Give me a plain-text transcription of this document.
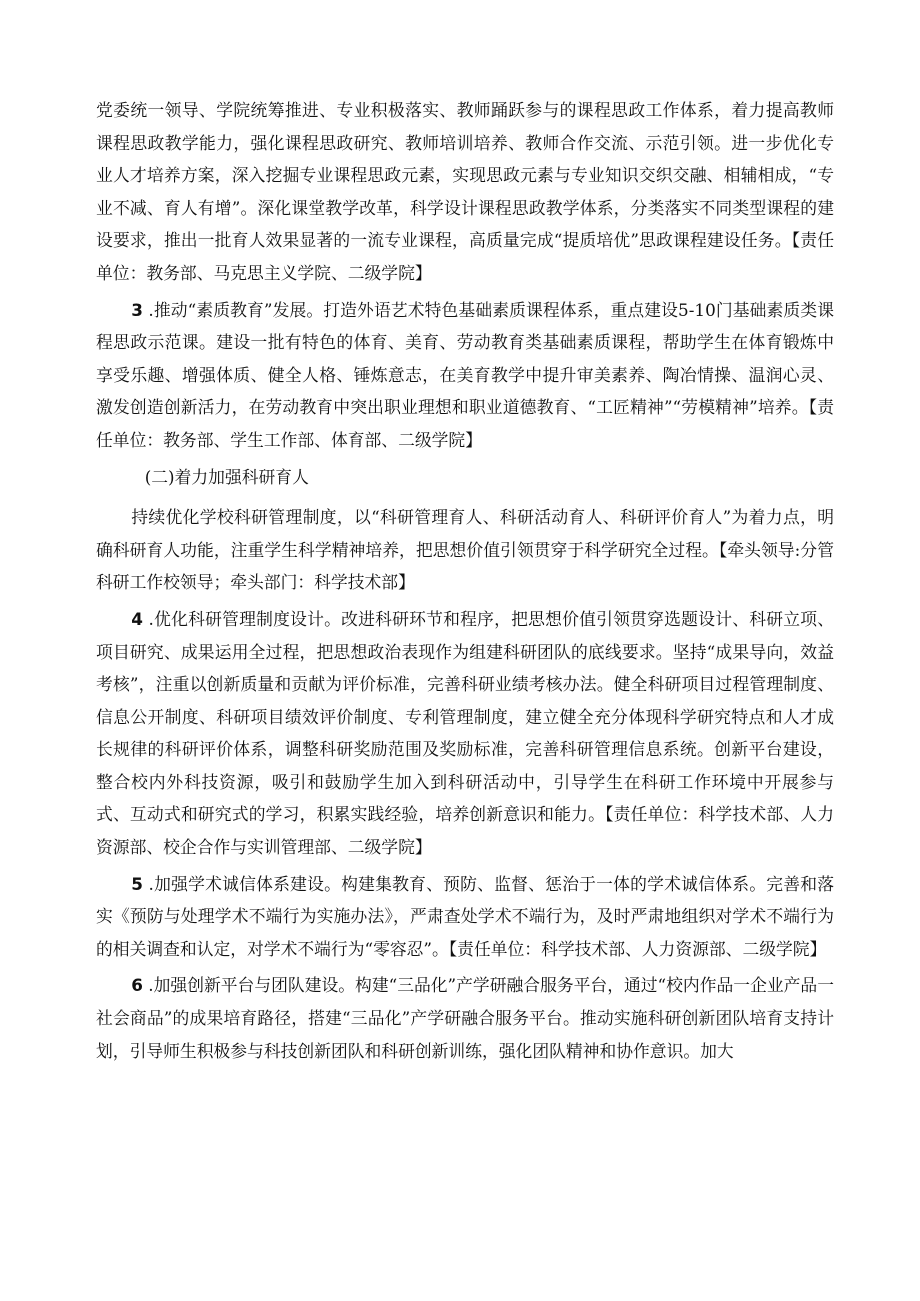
党委统一领导、学院统筹推进、专业积极落实、教师踊跃参与的课程思政工作体系，着力提高教师课程思政教学能力，强化课程思政研究、教师培训培养、教师合作交流、示范引领。进一步优化专业人才培养方案，深入挖掘专业课程思政元素，实现思政元素与专业知识交织交融、相辅相成，“专业不减、育人有增”。深化课堂教学改革，科学设计课程思政教学体系，分类落实不同类型课程的建设要求，推出一批育人效果显著的一流专业课程，高质量完成“提质培优”思政课程建设任务。【责任单位：教务部、马克思主义学院、二级学院】

3 .推动“素质教育”发展。打造外语艺术特色基础素质课程体系，重点建设5-10门基础素质类课程思政示范课。建设一批有特色的体育、美育、劳动教育类基础素质课程，帮助学生在体育锻炼中享受乐趣、增强体质、健全人格、锤炼意志，在美育教学中提升审美素养、陶冶情操、温润心灵、激发创造创新活力，在劳动教育中突出职业理想和职业道德教育、“工匠精神”“劳模精神”培养。【责任单位：教务部、学生工作部、体育部、二级学院】

(二)着力加强科研育人

持续优化学校科研管理制度，以“科研管理育人、科研活动育人、科研评价育人”为着力点，明确科研育人功能，注重学生科学精神培养，把思想价值引领贯穿于科学研究全过程。【牵头领导:分管科研工作校领导；牵头部门：科学技术部】

4 .优化科研管理制度设计。改进科研环节和程序，把思想价值引领贯穿选题设计、科研立项、项目研究、成果运用全过程，把思想政治表现作为组建科研团队的底线要求。坚持“成果导向，效益考核”，注重以创新质量和贡献为评价标准，完善科研业绩考核办法。健全科研项目过程管理制度、信息公开制度、科研项目绩效评价制度、专利管理制度，建立健全充分体现科学研究特点和人才成长规律的科研评价体系，调整科研奖励范围及奖励标准，完善科研管理信息系统。创新平台建设，整合校内外科技资源，吸引和鼓励学生加入到科研活动中，引导学生在科研工作环境中开展参与式、互动式和研究式的学习，积累实践经验，培养创新意识和能力。【责任单位：科学技术部、人力资源部、校企合作与实训管理部、二级学院】

5 .加强学术诚信体系建设。构建集教育、预防、监督、惩治于一体的学术诚信体系。完善和落实《预防与处理学术不端行为实施办法》，严肃查处学术不端行为，及时严肃地组织对学术不端行为的相关调查和认定，对学术不端行为“零容忍”。【责任单位：科学技术部、人力资源部、二级学院】

6 .加强创新平台与团队建设。构建“三品化”产学研融合服务平台，通过“校内作品一企业产品一社会商品”的成果培育路径，搭建“三品化”产学研融合服务平台。推动实施科研创新团队培育支持计划，引导师生积极参与科技创新团队和科研创新训练，强化团队精神和协作意识。加大
